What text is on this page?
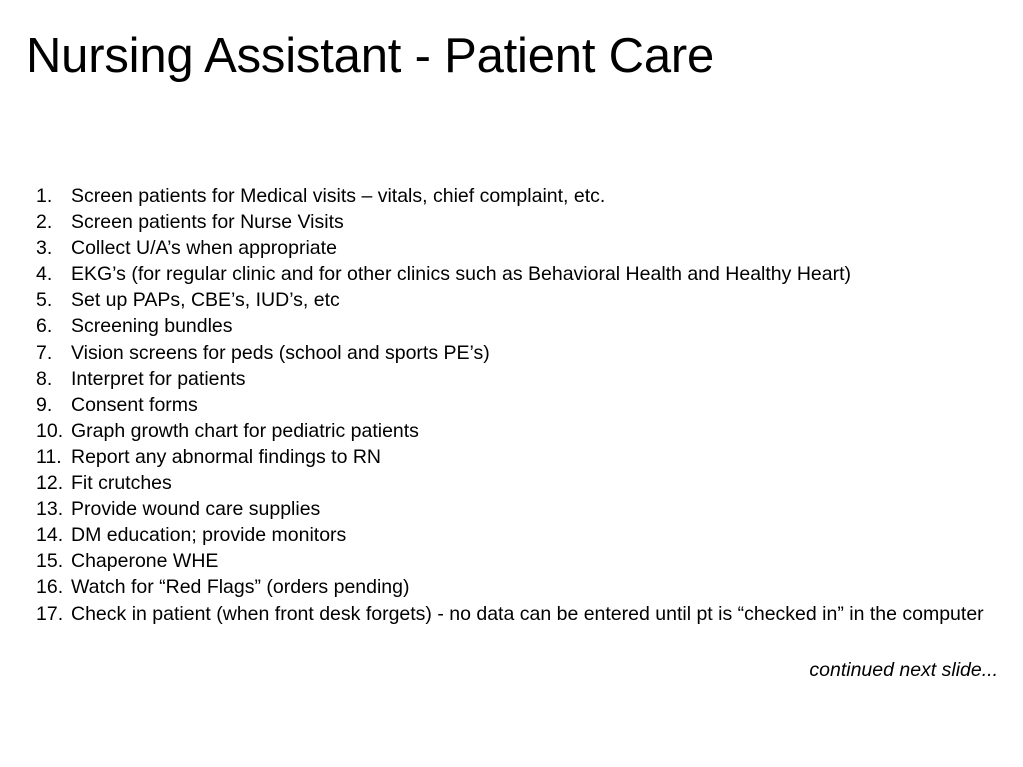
Nursing Assistant - Patient Care
1. Screen patients for Medical visits – vitals, chief complaint, etc.
2. Screen patients for Nurse Visits
3. Collect U/A’s when appropriate
4. EKG’s (for regular clinic and for other clinics such as Behavioral Health and Healthy Heart)
5. Set up PAPs, CBE’s, IUD’s, etc
6. Screening bundles
7. Vision screens for peds (school and sports PE’s)
8. Interpret for patients
9. Consent forms
10. Graph growth chart for pediatric patients
11. Report any abnormal findings to RN
12. Fit crutches
13. Provide wound care supplies
14. DM education; provide monitors
15. Chaperone WHE
16. Watch for “Red Flags” (orders pending)
17. Check in patient (when front desk forgets) - no data can be entered until pt is “checked in” in the computer

continued next slide...
